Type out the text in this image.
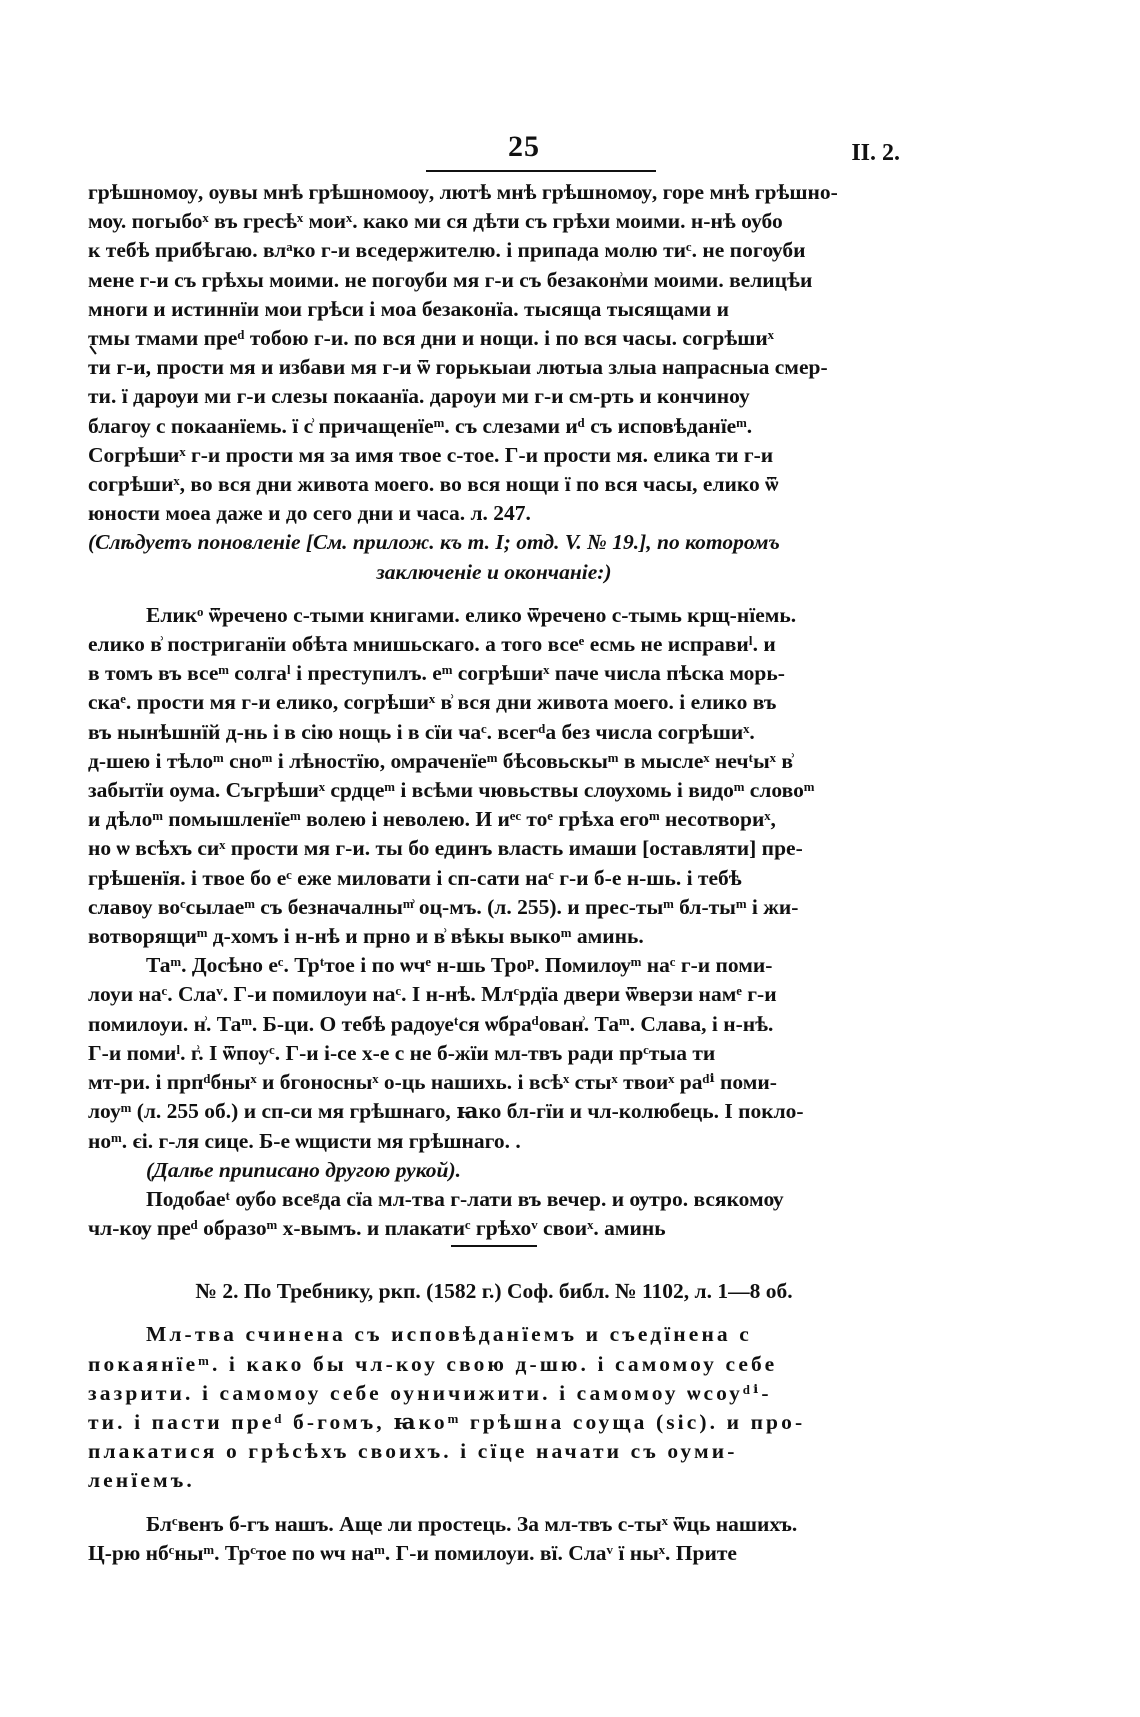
25	II. 2.
грѣшномѹ, оувы мнѣ грѣшномоѹ, лютѣ мнѣ грѣшномѹ, горе мнѣ грѣшно-
моу. погыбоˣ въ гресѣˣ моиˣ. како ми ся дѣти съ грѣхи моими. н-нѣ оубо
к тебѣ прибѣгаю. влᵃко г-и вседержителю. і припада молю тиᶜ. не погѹби
мене г-и съ грѣхы моими. не погѹби мя г-и съ безакон͗ми моими. велицѣи
многи и истиннїи мои грѣси і моа безаконїа. тысяща тысящами и
тмы тмами преᵈ тобою г-и. по вся дни и нощи. і по вся часы. согрѣшиˣ
ти г-и, прости мя и избави мя г-и ѿ горькыаи лютыа злыа напрасныа смер-
ти. ї дарѹи ми г-и слезы покаанїа. дароуи ми г-и см-рть и кончиноу
благѹ с покаанїемь. ї с͗ причащенїеᵐ. съ слезами иᵈ съ исповѣданїеᵐ.
Согрѣшиˣ г-и прости мя за имя твое с-тое. Г-и прости мя. елика ти г-и
согрѣшиˣ, во вся дни живота моего. во вся нощи ї по вся часы, елико ѿ
юности моеа даже и до сего дни и часа. л. 247.
(Слѣдуетъ поновленіе [См. прилож. къ т. I; отд. V. № 19.], по которомъ
заключеніе и окончаніе:)
Еликᵒ ѿречено с-тыми книгами. елико ѿречено с-тымь крщ-нїемь.
елико в͗ постриганїи обѣта мнишьскаго. а того всеᵉ есмь не исправиˡ. и
в томъ въ всеᵐ солгаˡ і преступилъ. еᵐ согрѣшиˣ паче числа пѣска морь-
скаᵉ. прости мя г-и елико, согрѣшиˣ в͗ вся дни живота моего. і елико въ
въ нынѣшнїй д-нь і в сію нощь і в сїи чаᶜ. всегᵈа без числа согрѣшиˣ.
д-шею і тѣлоᵐ сноᵐ і лѣностїю, омраченїеᵐ бѣсовьскыᵐ в мыслеˣ нечᵗыˣ в͗
забытїи оума. Съгрѣшиˣ срдцеᵐ і всѣми чювьствы слѹхомь і видоᵐ словоᵐ
и дѣлоᵐ помышленїеᵐ волею і неволею. И иᵉᶜ тоᵉ грѣха егоᵐ несотвориˣ,
но ѡ всѣхъ сиˣ прости мя г-и. ты бо единъ власть имаши [оставляти] пре-
грѣшенїя. і твое бо еᶜ еже миловати і сп-сати наᶜ г-и б-е н-шь. і тебѣ
славоу воᶜсылаеᵐ съ безначалныᵐ͗ оц-мъ. (л. 255). и прес-тыᵐ бл-тыᵐ і жи-
вотворящиᵐ д-хомъ і н-нѣ и прно и в͗ вѣкы выкоᵐ аминь.
Таᵐ. Досѣно еᶜ. Трᵗтое і по ѡчᵉ н-шь Троᵖ. Помилѹᵐ наᶜ г-и поми-
лоуи наᶜ. Слаᵛ. Г-и помилоуи наᶜ. І н-нѣ. Млᶜрдїа двери ѿверзи намᵉ г-и
помилоуи. н͗. Таᵐ. Б-ци. О тебѣ радоуеᵗся ѡбраᵈован͗. Таᵐ. Слава, і н-нѣ.
Г-и помиˡ. г͗. І ѿпоуᶜ. Г-и і-се х-е с не б-жїи мл-твъ ради прᶜтыа ти
мт-ри. і прпᵈбныˣ и бгоносныˣ о-ць нашихь. і всѣˣ стыˣ твоиˣ раᵈⁱ поми-
лоуᵐ (л. 255 об.) и сп-си мя грѣшнаго, ꙗко бл-гїи и чл-колюбець. І покло-
ноᵐ. єі. г-ля сице. Б-е ѡщисти мя грѣшнаго. .
(Далѣе приписано другою рукой).
Подобаеᵗ ѹбо всеᵍда сїа мл-тва г-лати въ вечер. и ѹтро. всякомѹ
чл-кѹ преᵈ образоᵐ х-вымъ. и плакатиᶜ грѣхоᵛ своиˣ. аминь
№ 2. По Требнику, ркп. (1582 г.) Соф. библ. № 1102, л. 1—8 об.
Мл-тва счинена съ исповѣданїемъ и съедїнена с
покаянїеᵐ. і како бы чл-коу свою д-шю. і самомоу себе
зазрити. і самомоу себе оуничижити. і самомоу ѡсоуᵈⁱ-
ти. і пасти преᵈ б-гомъ, ꙗкоᵐ грѣшна соуща (sic). и про-
плакатися о грѣсѣхъ своихъ. і сїце начати съ оуми-
ленїемъ.
Блᶜвенъ б-гъ нашъ. Аще ли простець. За мл-твъ с-тыˣ ѿць нашихъ.
Ц-рю нбᶜныᵐ. Трᶜтое по ѡч наᵐ. Г-и помилоуи. вї. Слаᵛ ї ныˣ. Прите
